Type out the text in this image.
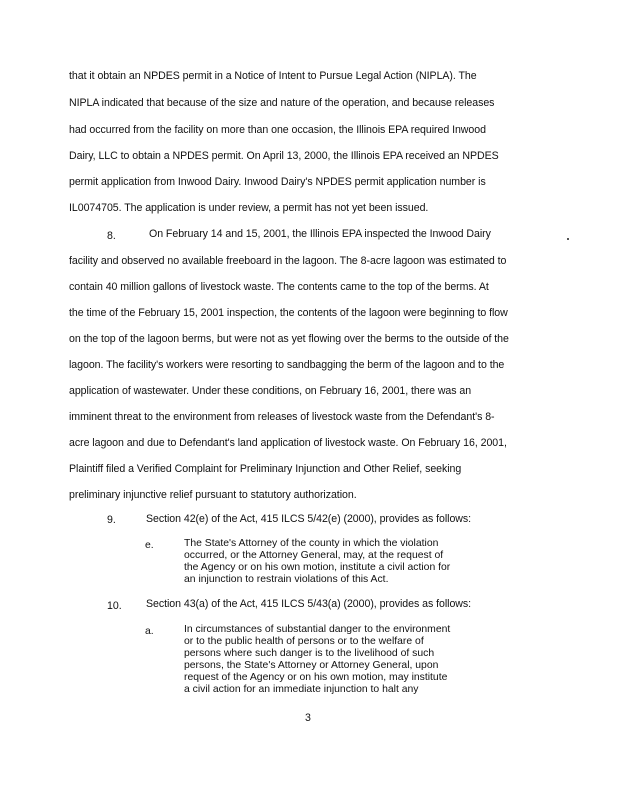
that it obtain an NPDES permit in a Notice of Intent to Pursue Legal Action (NIPLA). The
NIPLA indicated that because of the size and nature of the operation, and because releases
had occurred from the facility on more than one occasion, the Illinois EPA required Inwood
Dairy, LLC to obtain a NPDES permit. On April 13, 2000, the Illinois EPA received an NPDES
permit application from Inwood Dairy. Inwood Dairy's NPDES permit application number is
IL0074705. The application is under review, a permit has not yet been issued.
8.	On February 14 and 15, 2001, the Illinois EPA inspected the Inwood Dairy
facility and observed no available freeboard in the lagoon. The 8-acre lagoon was estimated to
contain 40 million gallons of livestock waste. The contents came to the top of the berms. At
the time of the February 15, 2001 inspection, the contents of the lagoon were beginning to flow
on the top of the lagoon berms, but were not as yet flowing over the berms to the outside of the
lagoon. The facility's workers were resorting to sandbagging the berm of the lagoon and to the
application of wastewater. Under these conditions, on February 16, 2001, there was an
imminent threat to the environment from releases of livestock waste from the Defendant's 8-
acre lagoon and due to Defendant's land application of livestock waste. On February 16, 2001,
Plaintiff filed a Verified Complaint for Preliminary Injunction and Other Relief, seeking
preliminary injunctive relief pursuant to statutory authorization.
9.	Section 42(e) of the Act, 415 ILCS 5/42(e) (2000), provides as follows:
e.	The State's Attorney of the county in which the violation
occurred, or the Attorney General, may, at the request of
the Agency or on his own motion, institute a civil action for
an injunction to restrain violations of this Act.
10. Section 43(a) of the Act, 415 ILCS 5/43(a) (2000), provides as follows:
a.	In circumstances of substantial danger to the environment
or to the public health of persons or to the welfare of
persons where such danger is to the livelihood of such
persons, the State's Attorney or Attorney General, upon
request of the Agency or on his own motion, may institute
a civil action for an immediate injunction to halt any
3
